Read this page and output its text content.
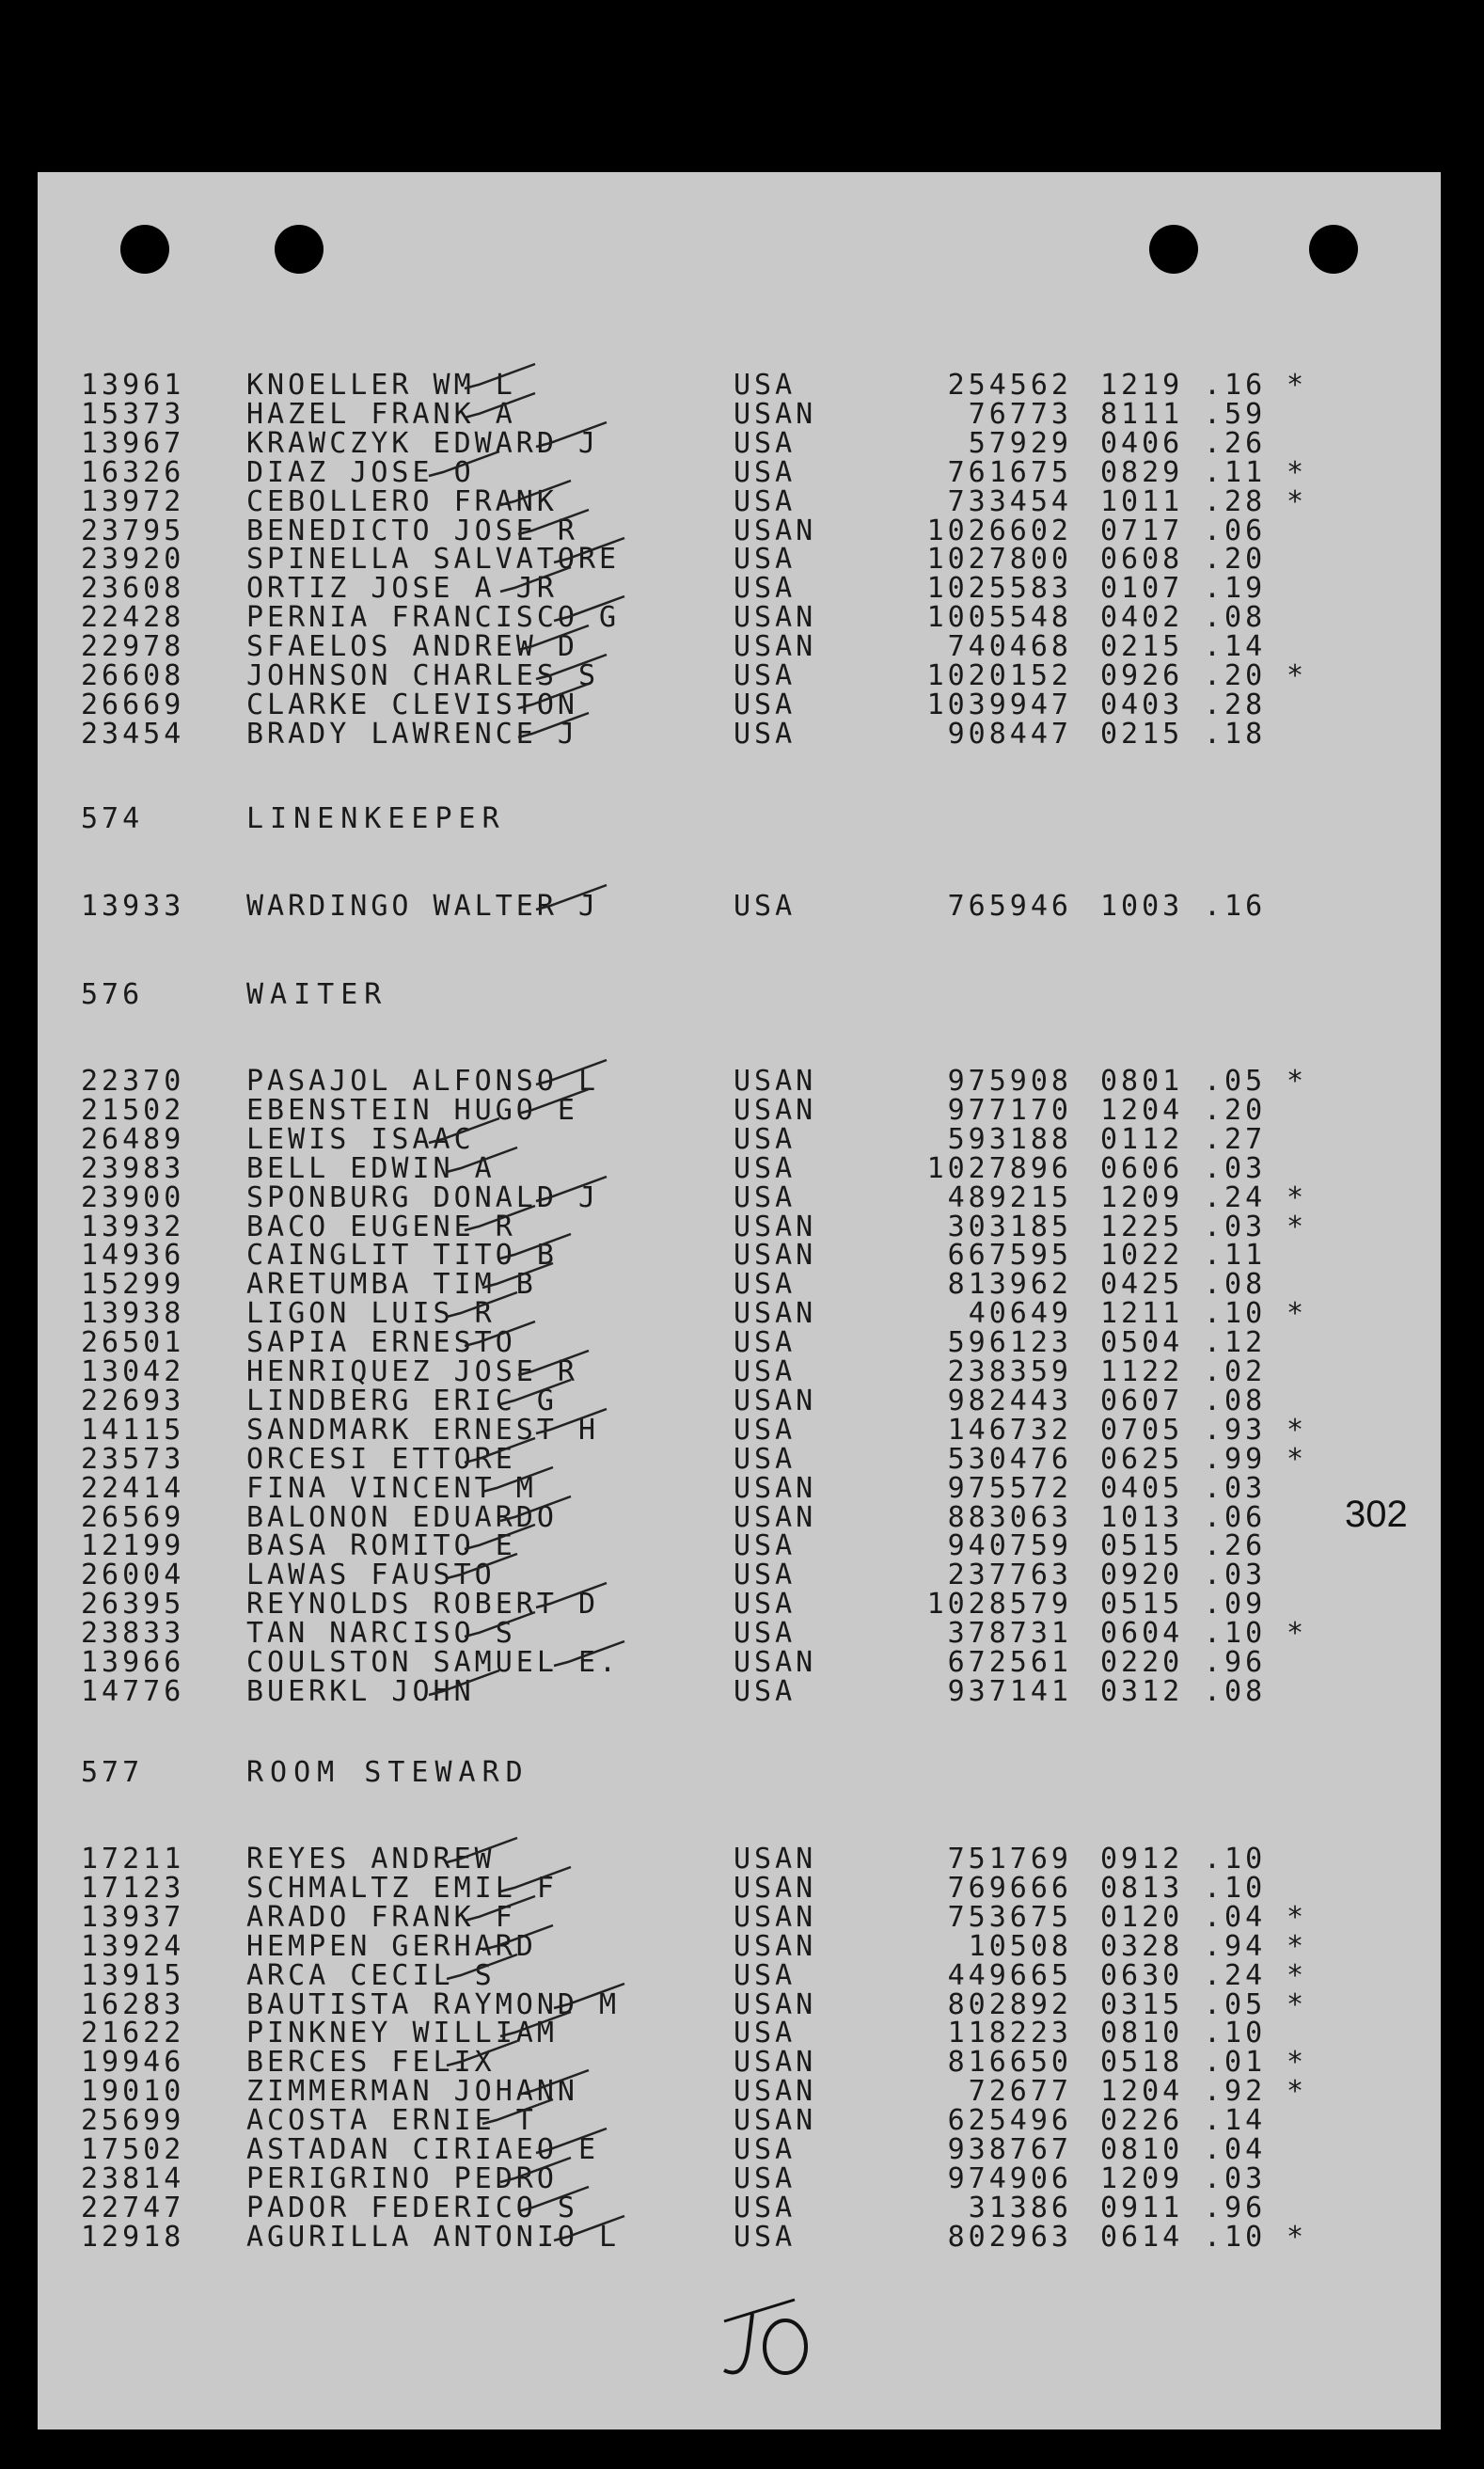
13961 KNOELLER WM L	USA	254562 1219 .16 *
15373 HAZEL FRANK A	USAN	76773 8111 .59
13967 KRAWCZYK EDWARD J	USA	57929 0406 .26
16326 DIAZ JOSE O	USA	761675 0829 .11 *
13972 CEBOLLERO FRANK	USA	733454 1011 .28 *
23795 BENEDICTO JOSE R	USAN	1026602 0717 .06
23920 SPINELLA SALVATORE	USA	1027800 0608 .20
23608 ORTIZ JOSE A JR	USA	1025583 0107 .19
22428 PERNIA FRANCISCO G	USAN	1005548 0402 .08
22978 SFAELOS ANDREW D	USAN	740468 0215 .14
26608 JOHNSON CHARLES S	USA	1020152 0926 .20 *
26669 CLARKE CLEVISTON	USA	1039947 0403 .28
23454 BRADY LAWRENCE J	USA	908447 0215 .18
574	LINENKEEPER
13933 WARDINGO WALTER J	USA	765946 1003 .16
576	WAITER
22370 PASAJOL ALFONSO L	USAN	975908 0801 .05 *
21502 EBENSTEIN HUGO E	USAN	977170 1204 .20
26489 LEWIS ISAAC	USA	593188 0112 .27
23983 BELL EDWIN A	USA	1027896 0606 .03
23900 SPONBURG DONALD J	USA	489215 1209 .24 *
13932 BACO EUGENE R	USAN	303185 1225 .03 *
14936 CAINGLIT TITO B	USAN	667595 1022 .11
15299 ARETUMBA TIM B	USA	813962 0425 .08
13938 LIGON LUIS R	USAN	40649 1211 .10 *
26501 SAPIA ERNESTO	USA	596123 0504 .12
13042 HENRIQUEZ JOSE R	USA	238359 1122 .02
22693 LINDBERG ERIC G	USAN	982443 0607 .08
14115 SANDMARK ERNEST H	USA	146732 0705 .93 *
23573 ORCESI ETTORE	USA	530476 0625 .99 *
22414 FINA VINCENT M	USAN	975572 0405 .03
26569 BALONON EDUARDO	USAN	883063 1013 .06
12199 BASA ROMITO E	USA	940759 0515 .26
26004 LAWAS FAUSTO	USA	237763 0920 .03
26395 REYNOLDS ROBERT D	USA	1028579 0515 .09
23833 TAN NARCISO S	USA	378731 0604 .10 *
13966 COULSTON SAMUEL E.	USAN	672561 0220 .96
14776 BUERKL JOHN	USA	937141 0312 .08
577	ROOM STEWARD
17211 REYES ANDREW	USAN	751769 0912 .10
17123 SCHMALTZ EMIL F	USAN	769666 0813 .10
13937 ARADO FRANK F	USAN	753675 0120 .04 *
13924 HEMPEN GERHARD	USAN	10508 0328 .94 *
13915 ARCA CECIL S	USA	449665 0630 .24 *
16283 BAUTISTA RAYMOND M	USAN	802892 0315 .05 *
21622 PINKNEY WILLIAM	USA	118223 0810 .10
19946 BERCES FELIX	USAN	816650 0518 .01 *
19010 ZIMMERMAN JOHANN	USAN	72677 1204 .92 *
25699 ACOSTA ERNIE T	USAN	625496 0226 .14
17502 ASTADAN CIRIAEO E	USA	938767 0810 .04
23814 PERIGRINO PEDRO	USA	974906 1209 .03
22747 PADOR FEDERICO S	USA	31386 0911 .96
12918 AGURILLA ANTONIO L	USA	802963 0614 .10 *
302
J0
